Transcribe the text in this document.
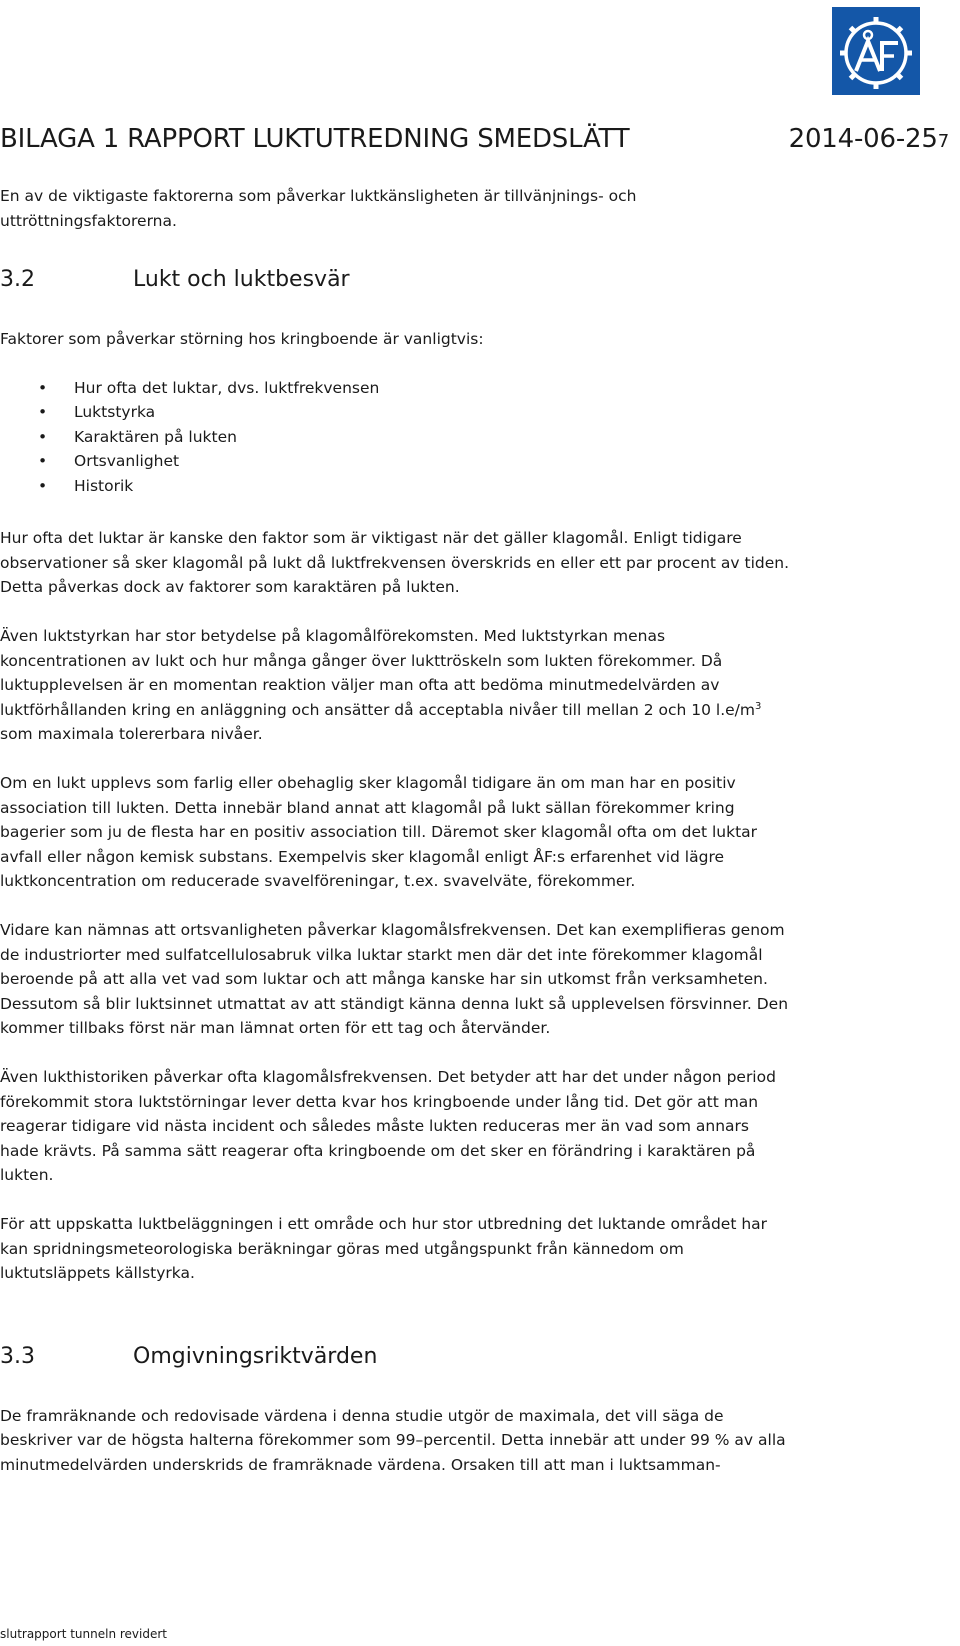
BILAGA 1 RAPPORT LUKTUTREDNING SMEDSLÄTT	2014-06-257

En av de viktigaste faktorerna som påverkar luktkänsligheten är tillvänjnings- och uttröttningsfaktorerna.

3.2	Lukt och luktbesvär

Faktorer som påverkar störning hos kringboende är vanligtvis:

• Hur ofta det luktar, dvs. luktfrekvensen
• Luktstyrka
• Karaktären på lukten
• Ortsvanlighet
• Historik

Hur ofta det luktar är kanske den faktor som är viktigast när det gäller klagomål. Enligt tidigare observationer så sker klagomål på lukt då luktfrekvensen överskrids en eller ett par procent av tiden. Detta påverkas dock av faktorer som karaktären på lukten.

Även luktstyrkan har stor betydelse på klagomålförekomsten. Med luktstyrkan menas koncentrationen av lukt och hur många gånger över lukttröskeln som lukten förekommer. Då luktupplevelsen är en momentan reaktion väljer man ofta att bedöma minutmedelvärden av luktförhållanden kring en anläggning och ansätter då acceptabla nivåer till mellan 2 och 10 $l.e/m^3$ som maximala tolererbara nivåer.

Om en lukt upplevs som farlig eller obehaglig sker klagomål tidigare än om man har en positiv association till lukten. Detta innebär bland annat att klagomål på lukt sällan förekommer kring bagerier som ju de flesta har en positiv association till. Däremot sker klagomål ofta om det luktar avfall eller någon kemisk substans. Exempelvis sker klagomål enligt ÅF:s erfarenhet vid lägre luktkoncentration om reducerade svavelföreningar, t.ex. svavelväte, förekommer.

Vidare kan nämnas att ortsvanligheten påverkar klagomålsfrekvensen. Det kan exemplifieras genom de industriorter med sulfatcellulosabruk vilka luktar starkt men där det inte förekommer klagomål beroende på att alla vet vad som luktar och att många kanske har sin utkomst från verksamheten. Dessutom så blir luktsinnet utmattat av att ständigt känna denna lukt så upplevelsen försvinner. Den kommer tillbaks först när man lämnat orten för ett tag och återvänder.

Även lukthistoriken påverkar ofta klagomålsfrekvensen. Det betyder att har det under någon period förekommit stora luktstörningar lever detta kvar hos kringboende under lång tid. Det gör att man reagerar tidigare vid nästa incident och således måste lukten reduceras mer än vad som annars hade krävts. På samma sätt reagerar ofta kringboende om det sker en förändring i karaktären på lukten.

För att uppskatta luktbeläggningen i ett område och hur stor utbredning det luktande området har kan spridningsmeteorologiska beräkningar göras med utgångspunkt från kännedom om luktutsläppets källstyrka.

3.3	Omgivningsriktvärden

De framräknande och redovisade värdena i denna studie utgör de maximala, det vill säga de beskriver var de högsta halterna förekommer som 99–percentil. Detta innebär att under 99 % av alla minutmedelvärden underskrids de framräknade värdena. Orsaken till att man i luktsamman-

slutrapport tunneln revidert
